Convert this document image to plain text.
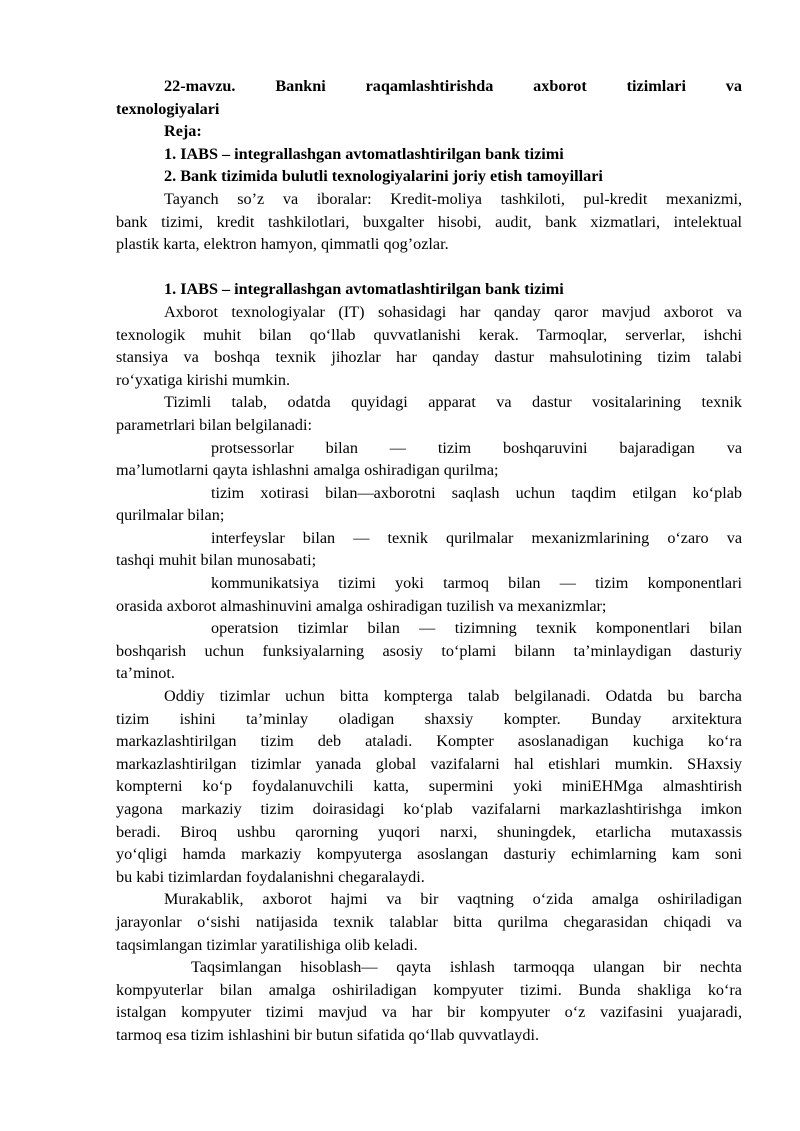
22-mavzu. Bankni raqamlashtirishda axborot tizimlari va
texnologiyalari

Reja:
1. IABS – integrallashgan avtomatlashtirilgan bank tizimi
2. Bank tizimida bulutli texnologiyalarini joriy etish tamoyillari

Tayanch so’z va iboralar: Kredit-moliya tashkiloti, pul-kredit mexanizmi,
bank tizimi, kredit tashkilotlari, buxgalter hisobi, audit, bank xizmatlari, intelektual
plastik karta, elektron hamyon, qimmatli qog’ozlar.

1. IABS – integrallashgan avtomatlashtirilgan bank tizimi

Axborot texnologiyalar (IT) sohasidagi har qanday qaror mavjud axborot va
texnologik muhit bilan qo‘llab quvvatlanishi kerak. Tarmoqlar, serverlar, ishchi
stansiya va boshqa texnik jihozlar har qanday dastur mahsulotining tizim talabi
ro‘yxatiga kirishi mumkin.

Tizimli talab, odatda quyidagi apparat va dastur vositalarining texnik
parametrlari bilan belgilanadi:

protsessorlar bilan — tizim boshqaruvini bajaradigan va
ma’lumotlarni qayta ishlashni amalga oshiradigan qurilma;

tizim xotirasi bilan—axborotni saqlash uchun taqdim etilgan ko‘plab
qurilmalar bilan;

interfeyslar bilan — texnik qurilmalar mexanizmlarining o‘zaro va
tashqi muhit bilan munosabati;

kommunikatsiya tizimi yoki tarmoq bilan — tizim komponentlari
orasida axborot almashinuvini amalga oshiradigan tuzilish va mexanizmlar;

operatsion tizimlar bilan — tizimning texnik komponentlari bilan
boshqarish uchun funksiyalarning asosiy to‘plami bilann ta’minlaydigan dasturiy
ta’minot.

Oddiy tizimlar uchun bitta kompterga talab belgilanadi. Odatda bu barcha
tizim ishini ta’minlay oladigan shaxsiy kompter. Bunday arxitektura
markazlashtirilgan tizim deb ataladi. Kompter asoslanadigan kuchiga ko‘ra
markazlashtirilgan tizimlar yanada global vazifalarni hal etishlari mumkin. SHaxsiy
kompterni ko‘p foydalanuvchili katta, supermini yoki miniEHMga almashtirish
yagona markaziy tizim doirasidagi ko‘plab vazifalarni markazlashtirishga imkon
beradi. Biroq ushbu qarorning yuqori narxi, shuningdek, etarlicha mutaxassis
yo‘qligi hamda markaziy kompyuterga asoslangan dasturiy echimlarning kam soni
bu kabi tizimlardan foydalanishni chegaralaydi.

Murakablik, axborot hajmi va bir vaqtning o‘zida amalga oshiriladigan
jarayonlar o‘sishi natijasida texnik talablar bitta qurilma chegarasidan chiqadi va
taqsimlangan tizimlar yaratilishiga olib keladi.

Taqsimlangan hisoblash— qayta ishlash tarmoqqa ulangan bir nechta
kompyuterlar bilan amalga oshiriladigan kompyuter tizimi. Bunda shakliga ko‘ra
istalgan kompyuter tizimi mavjud va har bir kompyuter o‘z vazifasini yuajaradi,
tarmoq esa tizim ishlashini bir butun sifatida qo‘llab quvvatlaydi.
